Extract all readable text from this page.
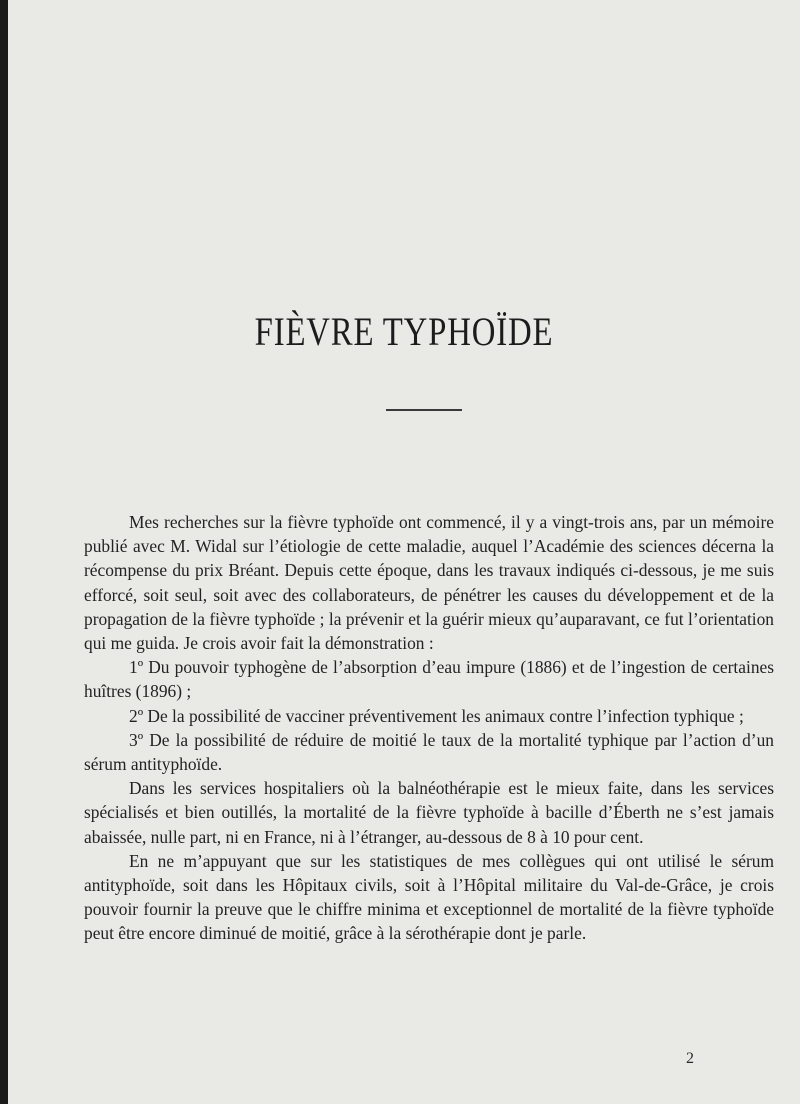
FIÈVRE TYPHOÏDE

Mes recherches sur la fièvre typhoïde ont commencé, il y a vingt-trois ans, par un mémoire publié avec M. Widal sur l’étiologie de cette maladie, auquel l’Académie des sciences décerna la récompense du prix Bréant. Depuis cette époque, dans les travaux indiqués ci-dessous, je me suis efforcé, soit seul, soit avec des collaborateurs, de pénétrer les causes du développement et de la propagation de la fièvre typhoïde ; la prévenir et la guérir mieux qu’auparavant, ce fut l’orientation qui me guida. Je crois avoir fait la démonstration :

1º Du pouvoir typhogène de l’absorption d’eau impure (1886) et de l’ingestion de certaines huîtres (1896) ;

2º De la possibilité de vacciner préventivement les animaux contre l’infection typhique ;

3º De la possibilité de réduire de moitié le taux de la mortalité typhique par l’action d’un sérum antityphoïde.

Dans les services hospitaliers où la balnéothérapie est le mieux faite, dans les services spécialisés et bien outillés, la mortalité de la fièvre typhoïde à bacille d’Éberth ne s’est jamais abaissée, nulle part, ni en France, ni à l’étranger, au-dessous de 8 à 10 pour cent.

En ne m’appuyant que sur les statistiques de mes collègues qui ont utilisé le sérum antityphoïde, soit dans les Hôpitaux civils, soit à l’Hôpital militaire du Val-de-Grâce, je crois pouvoir fournir la preuve que le chiffre minima et exceptionnel de mortalité de la fièvre typhoïde peut être encore diminué de moitié, grâce à la sérothérapie dont je parle.

2
